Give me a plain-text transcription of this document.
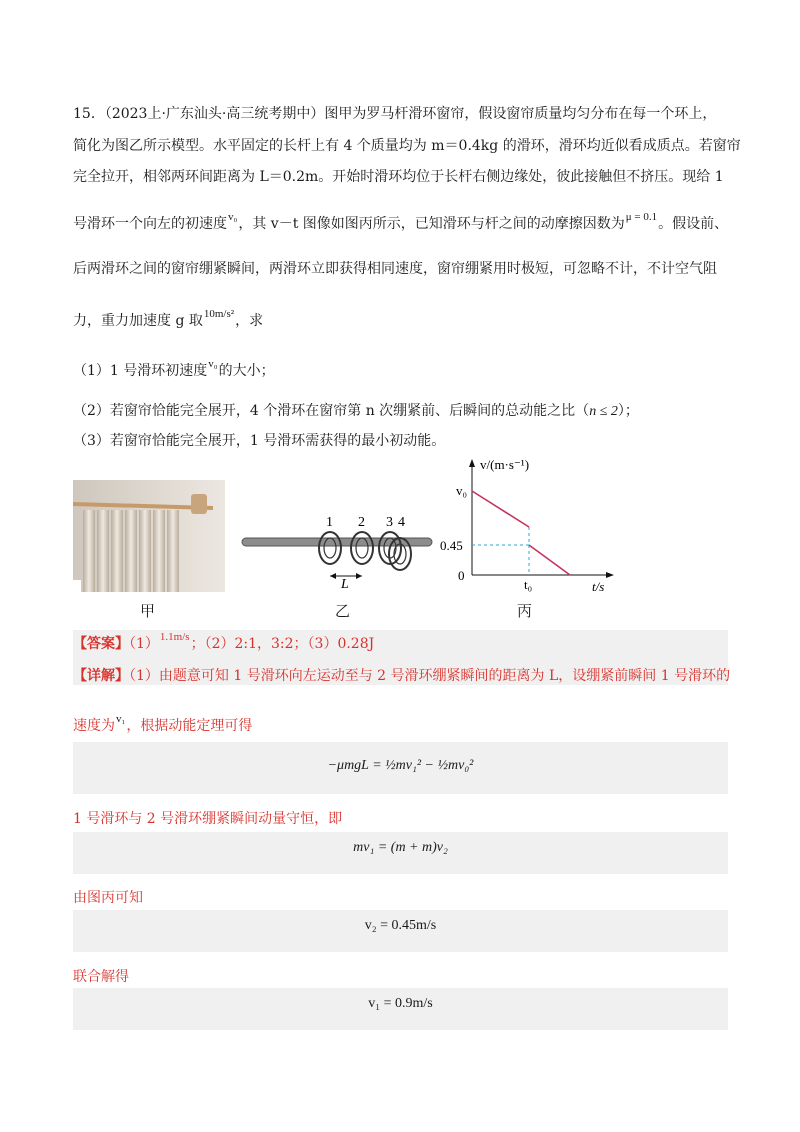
15．（2023上·广东汕头·高三统考期中）图甲为罗马杆滑环窗帘，假设窗帘质量均匀分布在每一个环上，
简化为图乙所示模型。水平固定的长杆上有 4 个质量均为 m＝0.4kg 的滑环，滑环均近似看成质点。若窗帘
完全拉开，相邻两环间距离为 L＝0.2m。开始时滑环均位于长杆右侧边缘处，彼此接触但不挤压。现给 1
号滑环一个向左的初速度$^{v_0}$，其 v－t 图像如图丙所示，已知滑环与杆之间的动摩擦因数为$^{\mu = 0.1}$。假设前、
后两滑环之间的窗帘绷紧瞬间，两滑环立即获得相同速度，窗帘绷紧用时极短，可忽略不计，不计空气阻
力，重力加速度 g 取$^{10m/s^2}$，求
（1）1 号滑环初速度$^{v_0}$的大小；
（2）若窗帘恰能完全展开，4 个滑环在窗帘第 n 次绷紧前、后瞬间的总动能之比（n ≤ 2）；
（3）若窗帘恰能完全展开，1 号滑环需获得的最小初动能。
甲
1 2 3 4
L
乙
v/(m·s⁻¹)
t/s
v₀
0.45
0
t₀
丙
【答案】$(1)^{1.1m/s}$；（2）2:1，3:2；（3）0.28J
【详解】（1）由题意可知 1 号滑环向左运动至与 2 号滑环绷紧瞬间的距离为 L，设绷紧前瞬间 1 号滑环的
速度为$^{v_1}$，根据动能定理可得
−μmgL = ½mv₁² − ½mv₀²
1 号滑环与 2 号滑环绷紧瞬间动量守恒，即
mv₁ = (m + m)v₂
由图丙可知
v₂ = 0.45m/s
联合解得
v₁ = 0.9m/s
